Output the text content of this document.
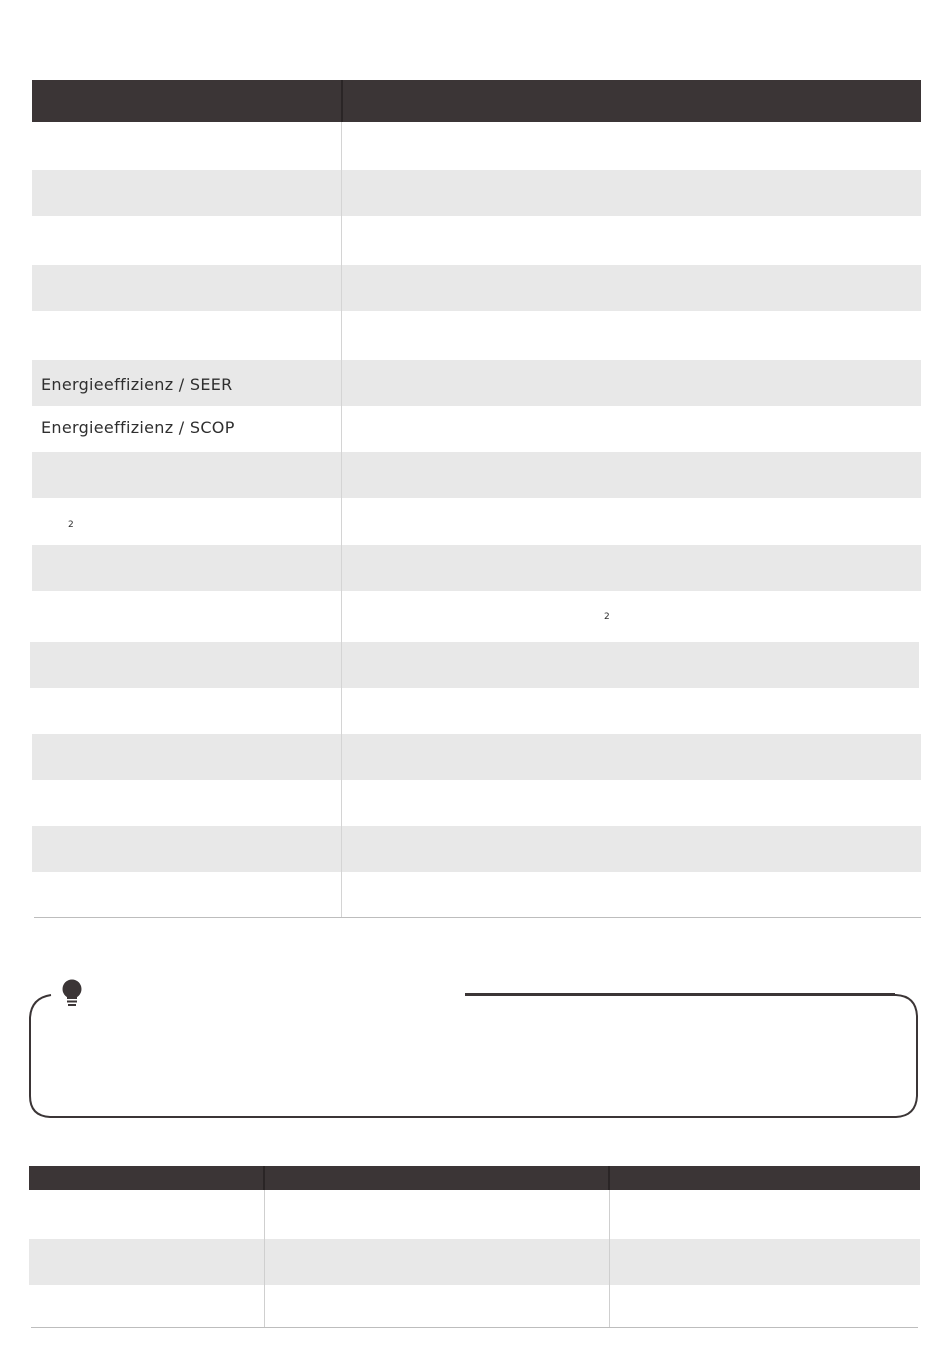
Energieeffizienz / SEER
Energieeffizienz / SCOP
2
2
